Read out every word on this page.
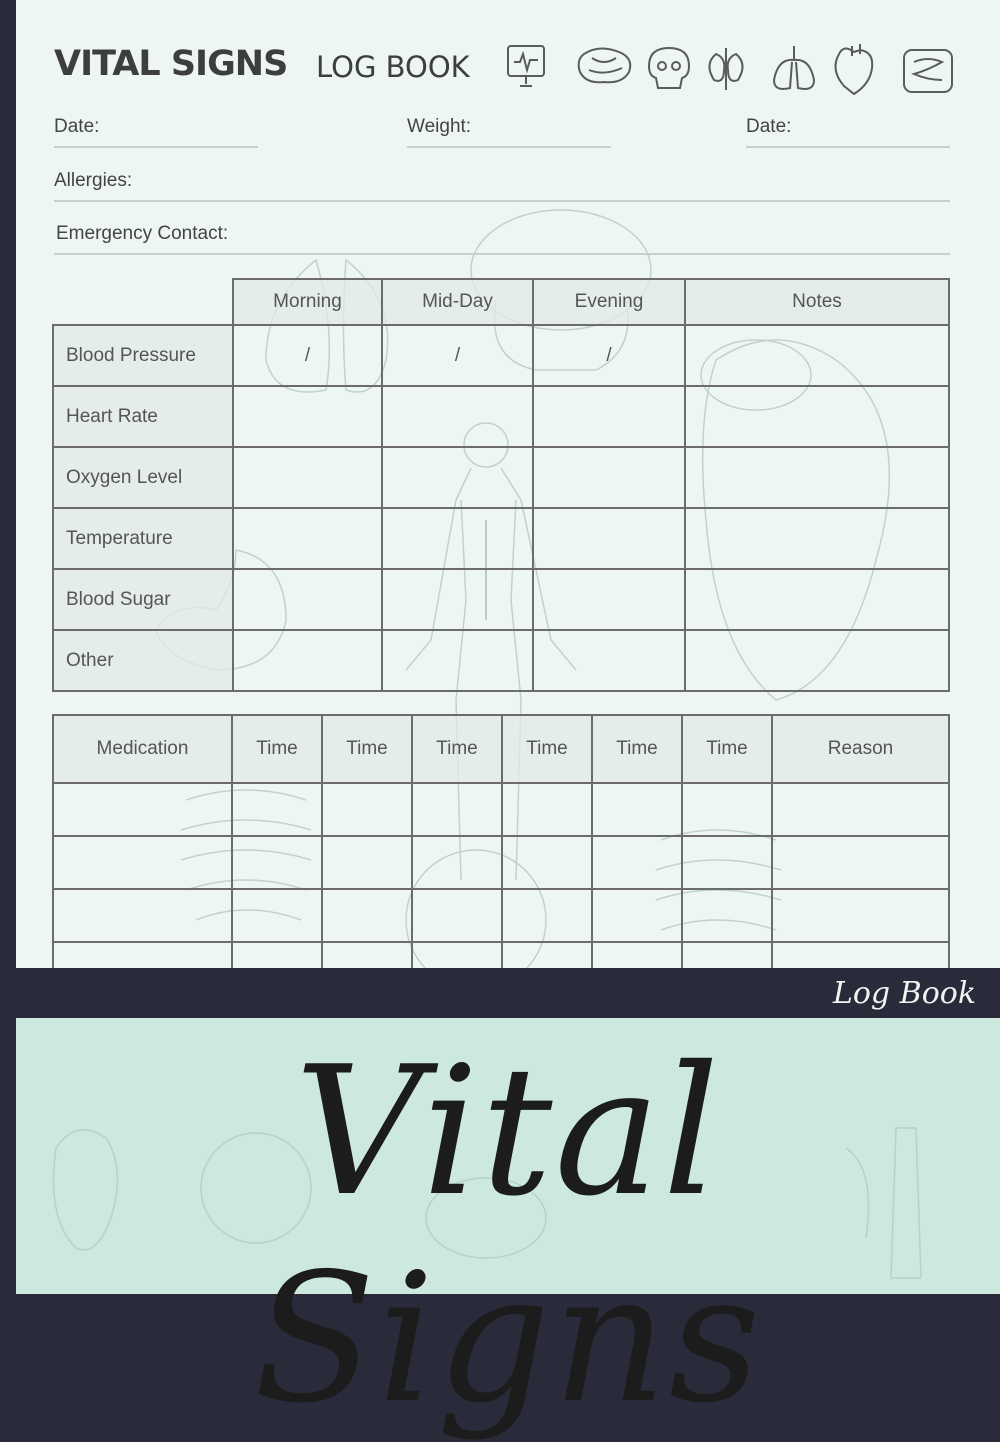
VITAL SIGNS LOG BOOK
Date:	Weight:	Date:
Allergies:
Emergency Contact:
	Morning	Mid-Day	Evening	Notes
Blood Pressure	/	/	/	
Heart Rate				
Oxygen Level				
Temperature				
Blood Sugar				
Other				
Medication	Time	Time	Time	Time	Time	Time	Reason

Log Book
Vital Signs
